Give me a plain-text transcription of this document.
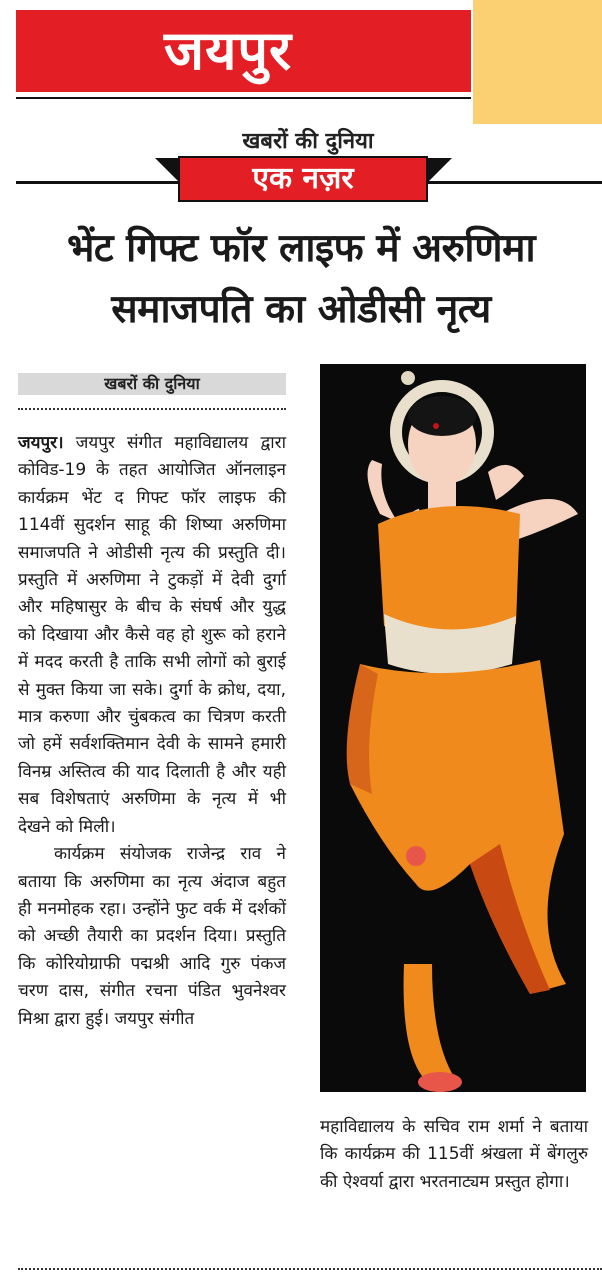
जयपुर
खबरों की दुनिया
एक नज़र
भेंट गिफ्ट फॉर लाइफ में अरुणिमा
समाजपति का ओडीसी नृत्य
खबरों की दुनिया

जयपुर। जयपुर संगीत महाविद्यालय द्वारा कोविड-19 के तहत आयोजित ऑनलाइन कार्यक्रम भेंट द गिफ्ट फॉर लाइफ की 114वीं सुदर्शन साहू की शिष्या अरुणिमा समाजपति ने ओडीसी नृत्य की प्रस्तुति दी। प्रस्तुति में अरुणिमा ने टुकड़ों में देवी दुर्गा और महिषासुर के बीच के संघर्ष और युद्ध को दिखाया और कैसे वह हो शुरू को हराने में मदद करती है ताकि सभी लोगों को बुराई से मुक्त किया जा सके। दुर्गा के क्रोध, दया, मात्र करुणा और चुंबकत्व का चित्रण करती जो हमें सर्वशक्तिमान देवी के सामने हमारी विनम्र अस्तित्व की याद दिलाती है और यही सब विशेषताएं अरुणिमा के नृत्य में भी देखने को मिली।

कार्यक्रम संयोजक राजेन्द्र राव ने बताया कि अरुणिमा का नृत्य अंदाज बहुत ही मनमोहक रहा। उन्होंने फुट वर्क में दर्शकों को अच्छी तैयारी का प्रदर्शन दिया। प्रस्तुति कि कोरियोग्राफी पद्मश्री आदि गुरु पंकज चरण दास, संगीत रचना पंडित भुवनेश्वर मिश्रा द्वारा हुई। जयपुर संगीत

महाविद्यालय के सचिव राम शर्मा ने बताया कि कार्यक्रम की 115वीं श्रंखला में बेंगलुरु की ऐश्वर्या द्वारा भरतनाट्यम प्रस्तुत होगा।
